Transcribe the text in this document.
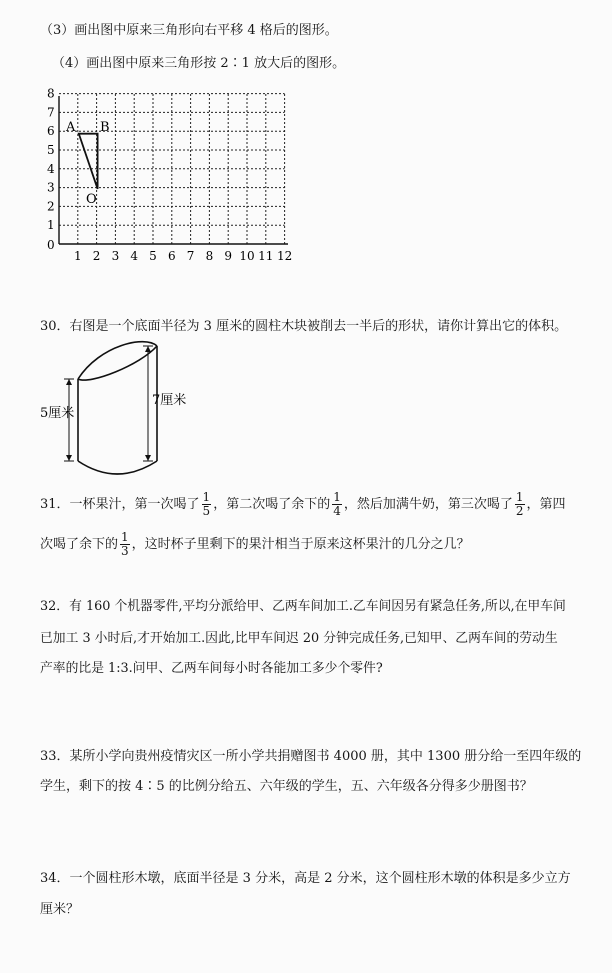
（3）画出图中原来三角形向右平移 4 格后的图形。
（4）画出图中原来三角形按 2∶1 放大后的图形。
1 2 3 4 5 6 7 8 9 10 11 12
0
1
2
3
4
5
6
7
8
A B
O
30．右图是一个底面半径为 3 厘米的圆柱木块被削去一半后的形状，请你计算出它的体积。
5厘米
7厘米
31．一杯果汁，第一次喝了 $\frac{1}{5}$ ，第二次喝了余下的 $\frac{1}{4}$ ，然后加满牛奶，第三次喝了 $\frac{1}{2}$ ，第四
次喝了余下的 $\frac{1}{3}$ ，这时杯子里剩下的果汁相当于原来这杯果汁的几分之几？
32．有 160 个机器零件,平均分派给甲、乙两车间加工.乙车间因另有紧急任务,所以,在甲车间
已加工 3 小时后,才开始加工.因此,比甲车间迟 20 分钟完成任务,已知甲、乙两车间的劳动生
产率的比是 1:3.问甲、乙两车间每小时各能加工多少个零件?
33．某所小学向贵州疫情灾区一所小学共捐赠图书 4000 册，其中 1300 册分给一至四年级的
学生，剩下的按 4∶5 的比例分给五、六年级的学生，五、六年级各分得多少册图书？
34．一个圆柱形木墩，底面半径是 3 分米，高是 2 分米，这个圆柱形木墩的体积是多少立方
厘米？
